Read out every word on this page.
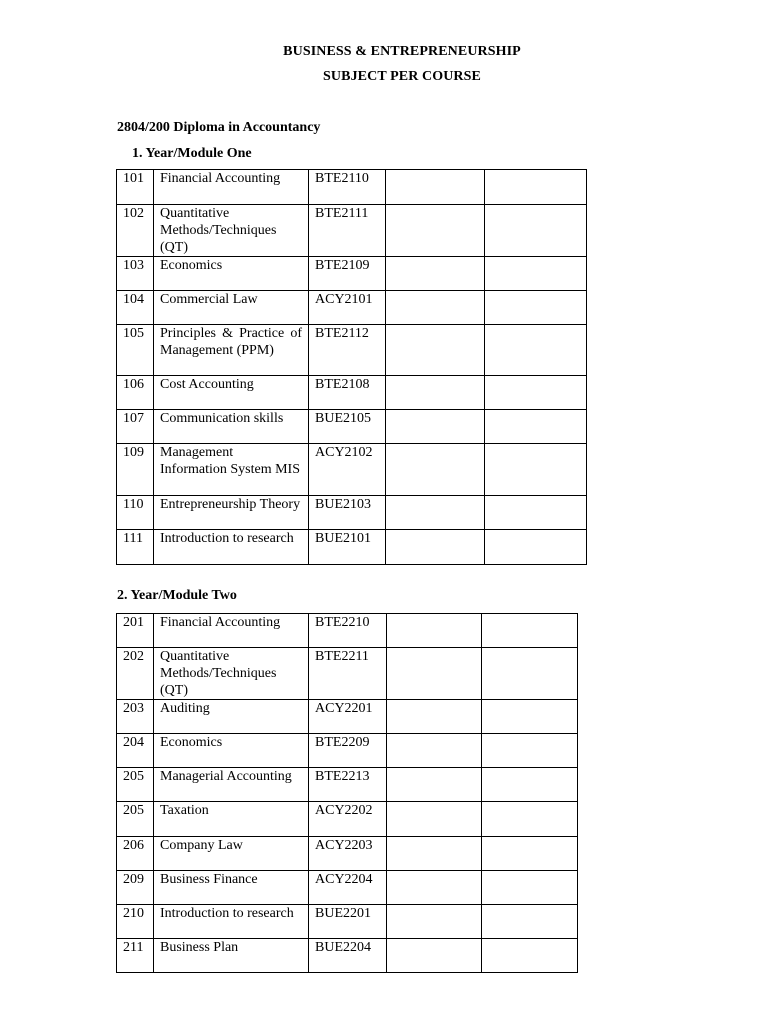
BUSINESS & ENTREPRENEURSHIP
SUBJECT PER COURSE
2804/200 Diploma in Accountancy
1. Year/Module One
101	Financial Accounting	BTE2110		
102	Quantitative Methods/Techniques (QT)	BTE2111		
103	Economics	BTE2109		
104	Commercial Law	ACY2101		
105	Principles & Practice of Management (PPM)	BTE2112		
106	Cost Accounting	BTE2108		
107	Communication skills	BUE2105		
109	Management Information System MIS	ACY2102		
110	Entrepreneurship Theory	BUE2103		
111	Introduction to research	BUE2101		
2. Year/Module Two
201	Financial Accounting	BTE2210		
202	Quantitative Methods/Techniques (QT)	BTE2211		
203	Auditing	ACY2201		
204	Economics	BTE2209		
205	Managerial Accounting	BTE2213		
205	Taxation	ACY2202		
206	Company Law	ACY2203		
209	Business Finance	ACY2204		
210	Introduction to research	BUE2201		
211	Business Plan	BUE2204		
